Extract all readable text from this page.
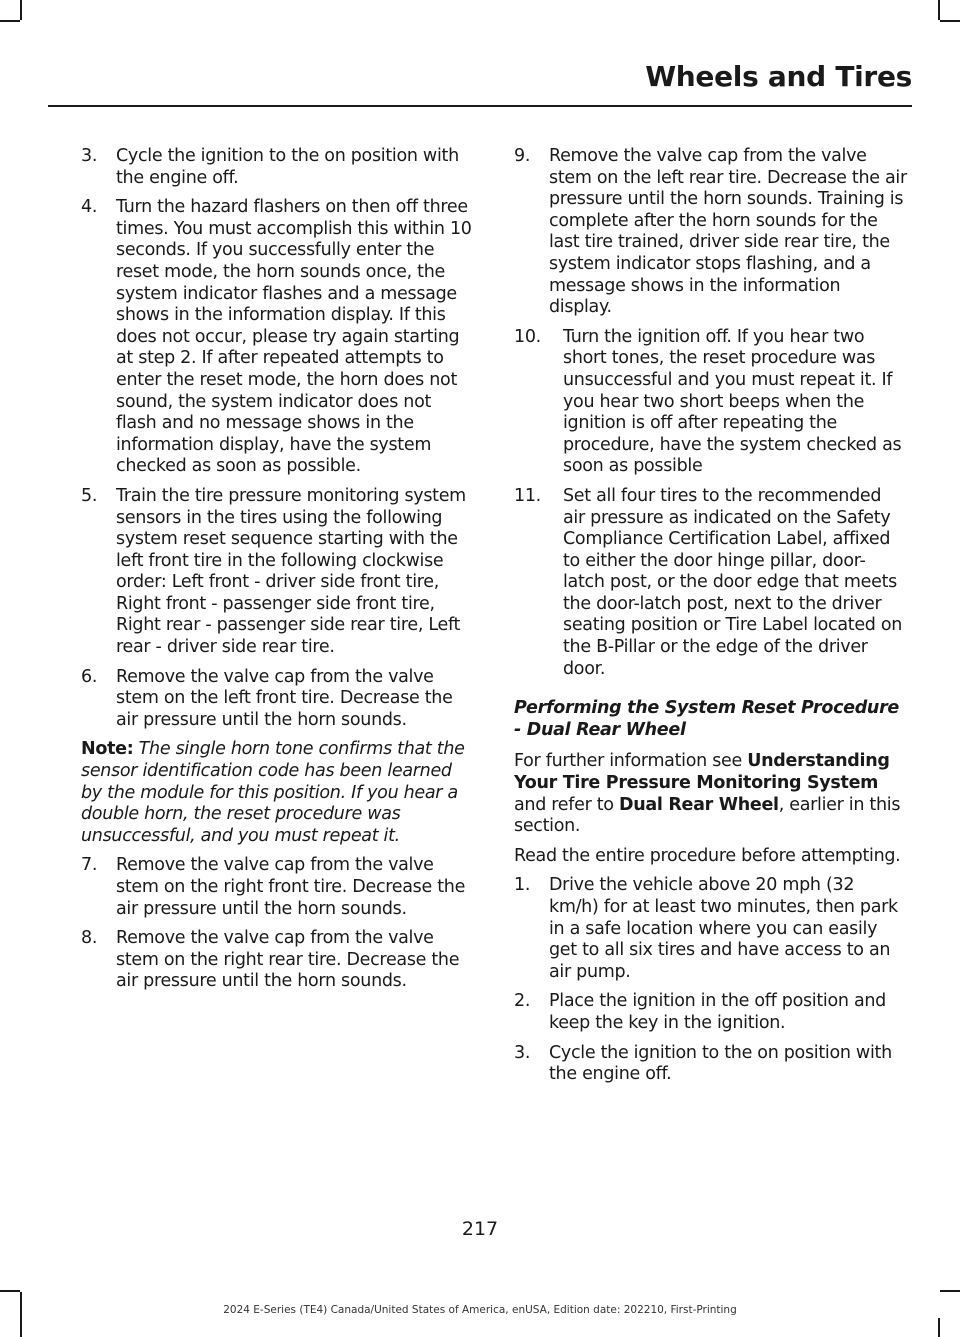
Wheels and Tires
3. Cycle the ignition to the on position with the engine off.
4. Turn the hazard flashers on then off three times. You must accomplish this within 10 seconds. If you successfully enter the reset mode, the horn sounds once, the system indicator flashes and a message shows in the information display. If this does not occur, please try again starting at step 2. If after repeated attempts to enter the reset mode, the horn does not sound, the system indicator does not flash and no message shows in the information display, have the system checked as soon as possible.
5. Train the tire pressure monitoring system sensors in the tires using the following system reset sequence starting with the left front tire in the following clockwise order: Left front - driver side front tire, Right front - passenger side front tire, Right rear - passenger side rear tire, Left rear - driver side rear tire.
6. Remove the valve cap from the valve stem on the left front tire. Decrease the air pressure until the horn sounds.

Note: The single horn tone confirms that the sensor identification code has been learned by the module for this position. If you hear a double horn, the reset procedure was unsuccessful, and you must repeat it.

7. Remove the valve cap from the valve stem on the right front tire. Decrease the air pressure until the horn sounds.
8. Remove the valve cap from the valve stem on the right rear tire. Decrease the air pressure until the horn sounds.
9. Remove the valve cap from the valve stem on the left rear tire. Decrease the air pressure until the horn sounds. Training is complete after the horn sounds for the last tire trained, driver side rear tire, the system indicator stops flashing, and a message shows in the information display.
10. Turn the ignition off. If you hear two short tones, the reset procedure was unsuccessful and you must repeat it. If you hear two short beeps when the ignition is off after repeating the procedure, have the system checked as soon as possible
11. Set all four tires to the recommended air pressure as indicated on the Safety Compliance Certification Label, affixed to either the door hinge pillar, door-latch post, or the door edge that meets the door-latch post, next to the driver seating position or Tire Label located on the B-Pillar or the edge of the driver door.
Performing the System Reset Procedure - Dual Rear Wheel

For further information see Understanding Your Tire Pressure Monitoring System and refer to Dual Rear Wheel, earlier in this section.

Read the entire procedure before attempting.

1. Drive the vehicle above 20 mph (32 km/h) for at least two minutes, then park in a safe location where you can easily get to all six tires and have access to an air pump.
2. Place the ignition in the off position and keep the key in the ignition.
3. Cycle the ignition to the on position with the engine off.
217
2024 E-Series (TE4) Canada/United States of America, enUSA, Edition date: 202210, First-Printing
